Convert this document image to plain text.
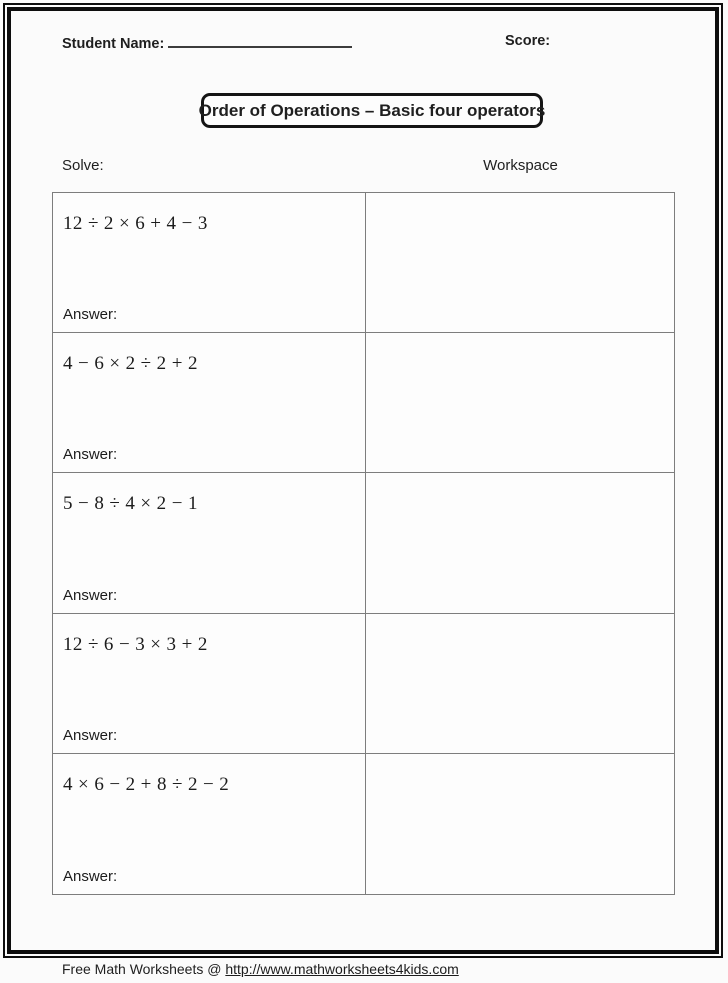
Student Name:	Score:
Order of Operations – Basic four operators
Solve:	Workspace
12 ÷ 2 × 6 + 4 − 3
Answer:
4 − 6 × 2 ÷ 2 + 2
Answer:
5 − 8 ÷ 4 × 2 − 1
Answer:
12 ÷ 6 − 3 × 3 + 2
Answer:
4 × 6 − 2 + 8 ÷ 2 − 2
Answer:
Free Math Worksheets @ http://www.mathworksheets4kids.com
